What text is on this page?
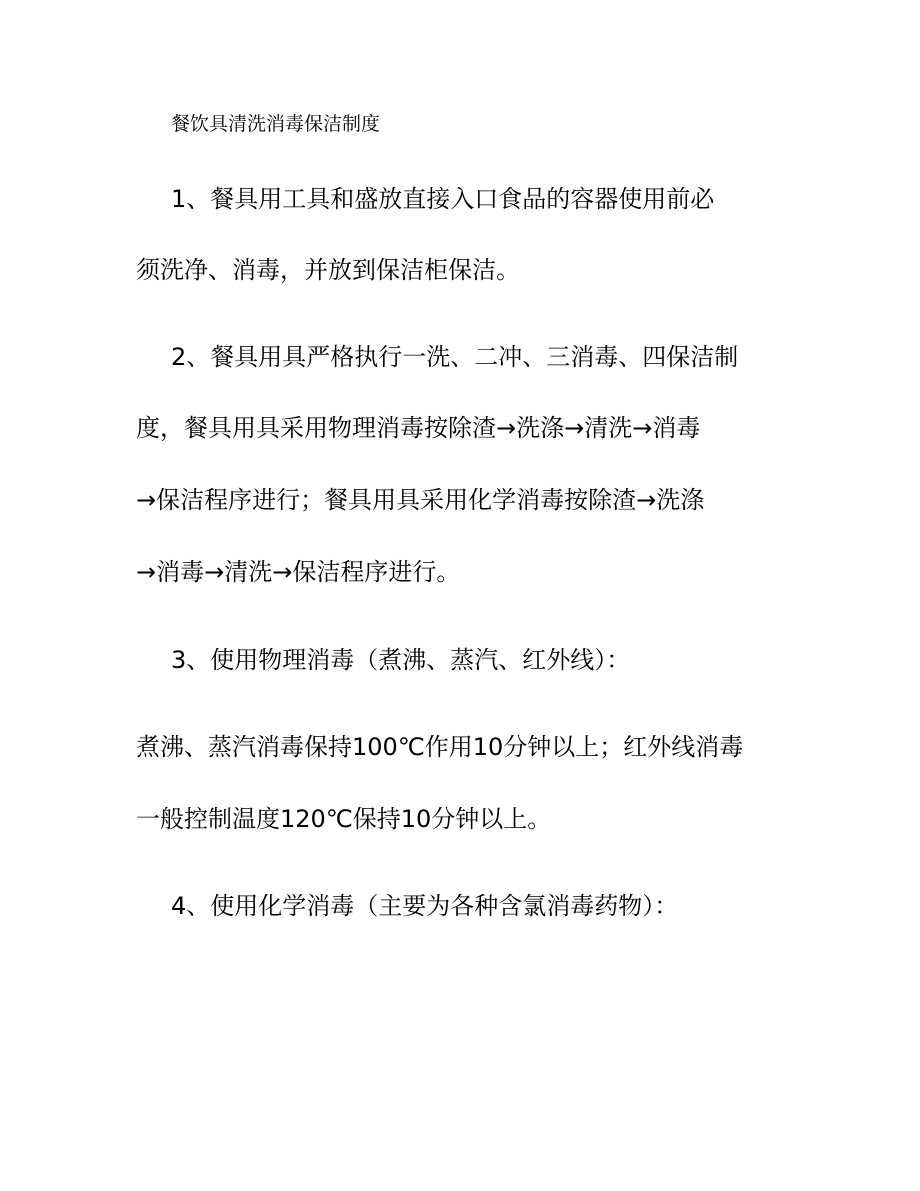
餐饮具清洗消毒保洁制度
1、餐具用工具和盛放直接入口食品的容器使用前必
须洗净、消毒，并放到保洁柜保洁。
2、餐具用具严格执行一洗、二冲、三消毒、四保洁制
度，餐具用具采用物理消毒按除渣→洗涤→清洗→消毒
→保洁程序进行；餐具用具采用化学消毒按除渣→洗涤
→消毒→清洗→保洁程序进行。
3、使用物理消毒（煮沸、蒸汽、红外线）：
煮沸、蒸汽消毒保持100℃作用10分钟以上；红外线消毒
一般控制温度120℃保持10分钟以上。
4、使用化学消毒（主要为各种含氯消毒药物）：
